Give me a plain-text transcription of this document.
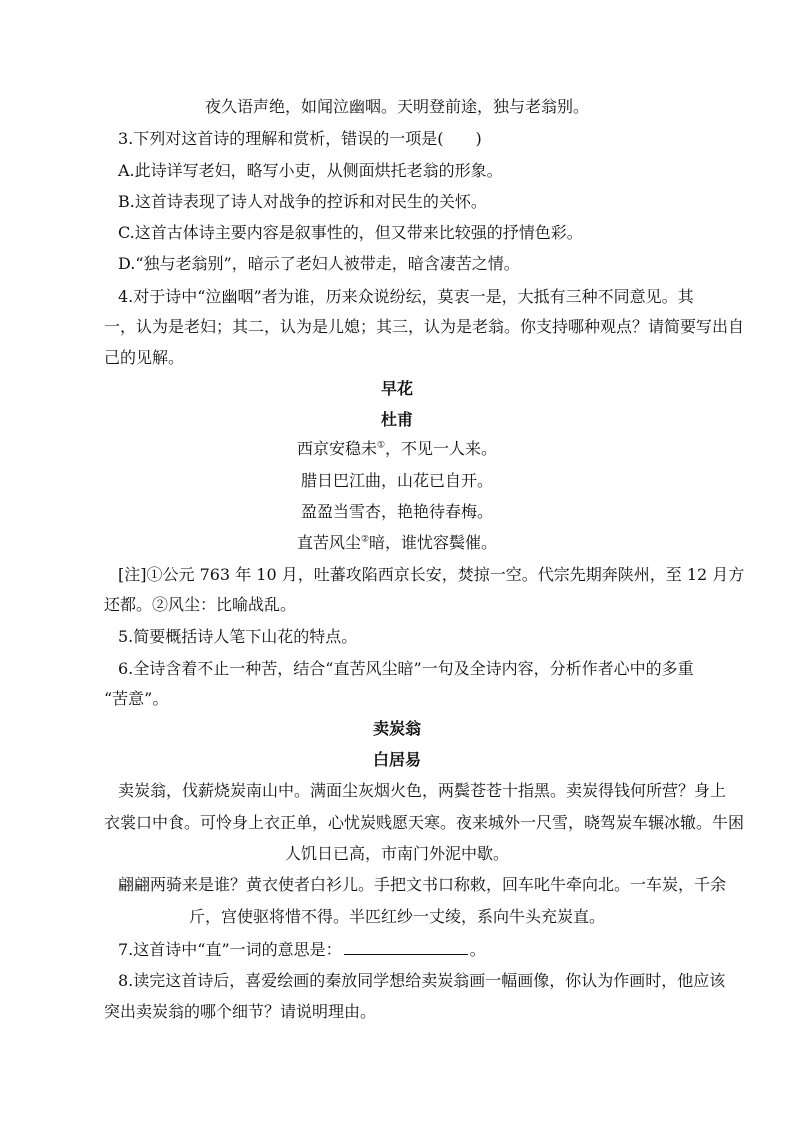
夜久语声绝，如闻泣幽咽。天明登前途，独与老翁别。
3.下列对这首诗的理解和赏析，错误的一项是(　　)
A.此诗详写老妇，略写小吏，从侧面烘托老翁的形象。
B.这首诗表现了诗人对战争的控诉和对民生的关怀。
C.这首古体诗主要内容是叙事性的，但又带来比较强的抒情色彩。
D.“独与老翁别”，暗示了老妇人被带走，暗含凄苦之情。
4.对于诗中“泣幽咽”者为谁，历来众说纷纭，莫衷一是，大抵有三种不同意见。其
一，认为是老妇；其二，认为是儿媳；其三，认为是老翁。你支持哪种观点？请简要写出自
己的见解。
早花
杜甫
西京安稳未①，不见一人来。
腊日巴江曲，山花已自开。
盈盈当雪杏，艳艳待春梅。
直苦风尘②暗，谁忧容鬓催。
[注]①公元 763 年 10 月，吐蕃攻陷西京长安，焚掠一空。代宗先期奔陕州，至 12 月方
还都。②风尘：比喻战乱。
5.简要概括诗人笔下山花的特点。
6.全诗含着不止一种苦，结合“直苦风尘暗”一句及全诗内容，分析作者心中的多重
“苦意”。
卖炭翁
白居易
卖炭翁，伐薪烧炭南山中。满面尘灰烟火色，两鬓苍苍十指黑。卖炭得钱何所营？身上
衣裳口中食。可怜身上衣正单，心忧炭贱愿天寒。夜来城外一尺雪，晓驾炭车辗冰辙。牛困
人饥日已高，市南门外泥中歇。
翩翩两骑来是谁？黄衣使者白衫儿。手把文书口称敕，回车叱牛牵向北。一车炭，千余
斤，宫使驱将惜不得。半匹红纱一丈绫，系向牛头充炭直。
7.这首诗中“直”一词的意思是：	。
8.读完这首诗后，喜爱绘画的秦放同学想给卖炭翁画一幅画像，你认为作画时，他应该
突出卖炭翁的哪个细节？请说明理由。
